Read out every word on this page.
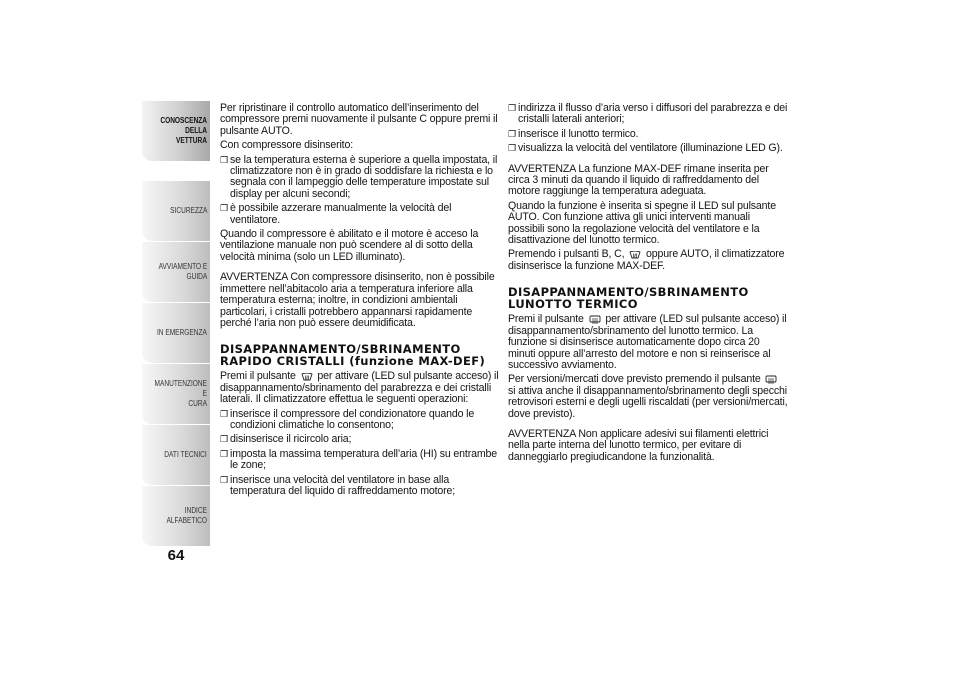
CONOSCENZA
DELLA VETTURA
SICUREZZA
AVVIAMENTO E
GUIDA
IN EMERGENZA
MANUTENZIONE E
CURA
DATI TECNICI
INDICE ALFABETICO
64

Per ripristinare il controllo automatico dell’inserimento del compressore premi nuovamente il pulsante C oppure premi il pulsante AUTO.

Con compressore disinserito:

❒ se la temperatura esterna è superiore a quella impostata, il climatizzatore non è in grado di soddisfare la richiesta e lo segnala con il lampeggio delle temperature impostate sul display per alcuni secondi;
❒ è possibile azzerare manualmente la velocità del ventilatore.

Quando il compressore è abilitato e il motore è acceso la ventilazione manuale non può scendere al di sotto della velocità minima (solo un LED illuminato).

AVVERTENZA Con compressore disinserito, non è possibile immettere nell’abitacolo aria a temperatura inferiore alla temperatura esterna; inoltre, in condizioni ambientali particolari, i cristalli potrebbero appannarsi rapidamente perché l’aria non può essere deumidificata.

DISAPPANNAMENTO/SBRINAMENTO RAPIDO CRISTALLI (funzione MAX-DEF)

Premi il pulsante per attivare (LED sul pulsante acceso) il disappannamento/sbrinamento del parabrezza e dei cristalli laterali. Il climatizzatore effettua le seguenti operazioni:

❒ inserisce il compressore del condizionatore quando le condizioni climatiche lo consentono;
❒ disinserisce il ricircolo aria;
❒ imposta la massima temperatura dell’aria (HI) su entrambe le zone;
❒ inserisce una velocità del ventilatore in base alla temperatura del liquido di raffreddamento motore;
❒ indirizza il flusso d’aria verso i diffusori del parabrezza e dei cristalli laterali anteriori;
❒ inserisce il lunotto termico.
❒ visualizza la velocità del ventilatore (illuminazione LED G).

AVVERTENZA La funzione MAX-DEF rimane inserita per circa 3 minuti da quando il liquido di raffreddamento del motore raggiunge la temperatura adeguata.

Quando la funzione è inserita si spegne il LED sul pulsante AUTO. Con funzione attiva gli unici interventi manuali possibili sono la regolazione velocità del ventilatore e la disattivazione del lunotto termico.

Premendo i pulsanti B, C, oppure AUTO, il climatizzatore disinserisce la funzione MAX-DEF.

DISAPPANNAMENTO/SBRINAMENTO LUNOTTO TERMICO

Premi il pulsante per attivare (LED sul pulsante acceso) il disappannamento/sbrinamento del lunotto termico. La funzione si disinserisce automaticamente dopo circa 20 minuti oppure all’arresto del motore e non si reinserisce al successivo avviamento.

Per versioni/mercati dove previsto premendo il pulsante  si attiva anche il disappannamento/sbrinamento degli specchi retrovisori esterni e degli ugelli riscaldati (per versioni/mercati, dove previsto).

AVVERTENZA Non applicare adesivi sui filamenti elettrici nella parte interna del lunotto termico, per evitare di danneggiarlo pregiudicandone la funzionalità.
